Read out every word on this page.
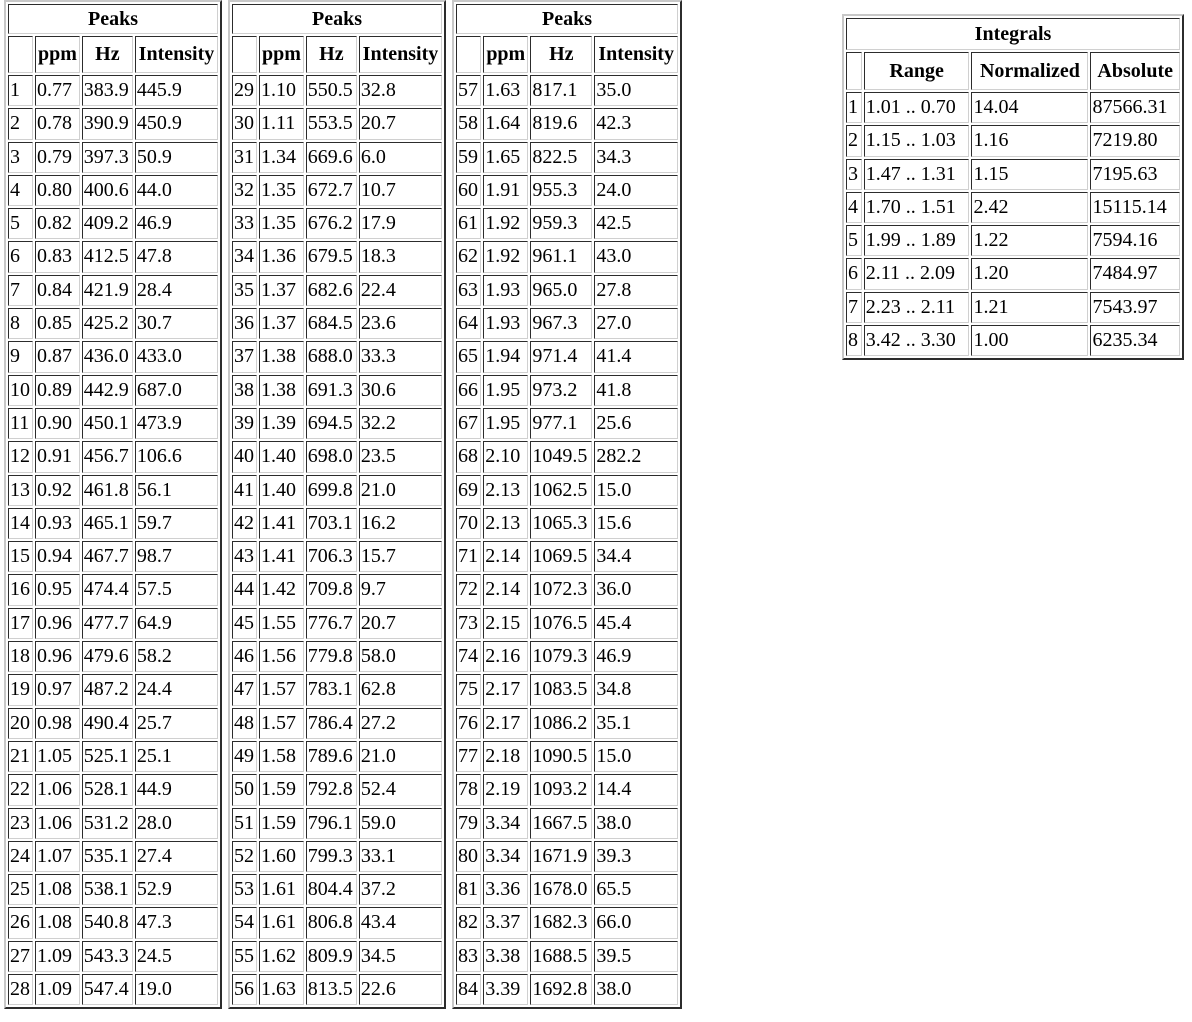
Peaks			
	ppm	Hz	Intensity
1	0.77	383.9	445.9
2	0.78	390.9	450.9
3	0.79	397.3	50.9
4	0.80	400.6	44.0
5	0.82	409.2	46.9
6	0.83	412.5	47.8
7	0.84	421.9	28.4
8	0.85	425.2	30.7
9	0.87	436.0	433.0
10	0.89	442.9	687.0
11	0.90	450.1	473.9
12	0.91	456.7	106.6
13	0.92	461.8	56.1
14	0.93	465.1	59.7
15	0.94	467.7	98.7
16	0.95	474.4	57.5
17	0.96	477.7	64.9
18	0.96	479.6	58.2
19	0.97	487.2	24.4
20	0.98	490.4	25.7
21	1.05	525.1	25.1
22	1.06	528.1	44.9
23	1.06	531.2	28.0
24	1.07	535.1	27.4
25	1.08	538.1	52.9
26	1.08	540.8	47.3
27	1.09	543.3	24.5
28	1.09	547.4	19.0
Peaks			
	ppm	Hz	Intensity
29	1.10	550.5	32.8
30	1.11	553.5	20.7
31	1.34	669.6	6.0
32	1.35	672.7	10.7
33	1.35	676.2	17.9
34	1.36	679.5	18.3
35	1.37	682.6	22.4
36	1.37	684.5	23.6
37	1.38	688.0	33.3
38	1.38	691.3	30.6
39	1.39	694.5	32.2
40	1.40	698.0	23.5
41	1.40	699.8	21.0
42	1.41	703.1	16.2
43	1.41	706.3	15.7
44	1.42	709.8	9.7
45	1.55	776.7	20.7
46	1.56	779.8	58.0
47	1.57	783.1	62.8
48	1.57	786.4	27.2
49	1.58	789.6	21.0
50	1.59	792.8	52.4
51	1.59	796.1	59.0
52	1.60	799.3	33.1
53	1.61	804.4	37.2
54	1.61	806.8	43.4
55	1.62	809.9	34.5
56	1.63	813.5	22.6
Peaks			
	ppm	Hz	Intensity
57	1.63	817.1	35.0
58	1.64	819.6	42.3
59	1.65	822.5	34.3
60	1.91	955.3	24.0
61	1.92	959.3	42.5
62	1.92	961.1	43.0
63	1.93	965.0	27.8
64	1.93	967.3	27.0
65	1.94	971.4	41.4
66	1.95	973.2	41.8
67	1.95	977.1	25.6
68	2.10	1049.5	282.2
69	2.13	1062.5	15.0
70	2.13	1065.3	15.6
71	2.14	1069.5	34.4
72	2.14	1072.3	36.0
73	2.15	1076.5	45.4
74	2.16	1079.3	46.9
75	2.17	1083.5	34.8
76	2.17	1086.2	35.1
77	2.18	1090.5	15.0
78	2.19	1093.2	14.4
79	3.34	1667.5	38.0
80	3.34	1671.9	39.3
81	3.36	1678.0	65.5
82	3.37	1682.3	66.0
83	3.38	1688.5	39.5
84	3.39	1692.8	38.0
Integrals			
	Range	Normalized	Absolute
1	1.01 .. 0.70	14.04	87566.31
2	1.15 .. 1.03	1.16	7219.80
3	1.47 .. 1.31	1.15	7195.63
4	1.70 .. 1.51	2.42	15115.14
5	1.99 .. 1.89	1.22	7594.16
6	2.11 .. 2.09	1.20	7484.97
7	2.23 .. 2.11	1.21	7543.97
8	3.42 .. 3.30	1.00	6235.34
